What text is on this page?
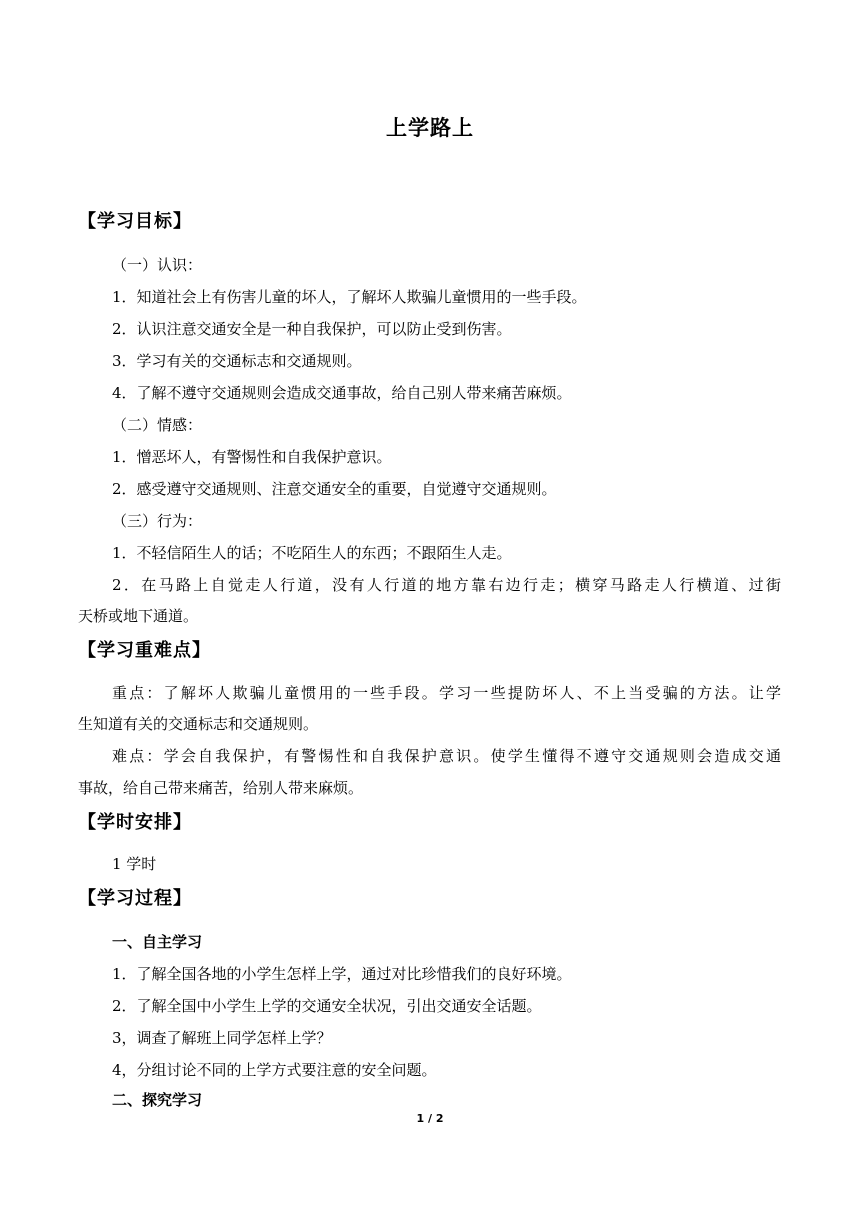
上学路上
【学习目标】
（一）认识：
1．知道社会上有伤害儿童的坏人，了解坏人欺骗儿童惯用的一些手段。
2．认识注意交通安全是一种自我保护，可以防止受到伤害。
3．学习有关的交通标志和交通规则。
4．了解不遵守交通规则会造成交通事故，给自己别人带来痛苦麻烦。
（二）情感：
1．憎恶坏人，有警惕性和自我保护意识。
2．感受遵守交通规则、注意交通安全的重要，自觉遵守交通规则。
（三）行为：
1．不轻信陌生人的话；不吃陌生人的东西；不跟陌生人走。
2．在马路上自觉走人行道，没有人行道的地方靠右边行走；横穿马路走人行横道、过街
天桥或地下通道。
【学习重难点】
重点：了解坏人欺骗儿童惯用的一些手段。学习一些提防坏人、不上当受骗的方法。让学
生知道有关的交通标志和交通规则。
难点：学会自我保护，有警惕性和自我保护意识。使学生懂得不遵守交通规则会造成交通
事故，给自己带来痛苦，给别人带来麻烦。
【学时安排】
1 学时
【学习过程】
一、自主学习
1．了解全国各地的小学生怎样上学，通过对比珍惜我们的良好环境。
2．了解全国中小学生上学的交通安全状况，引出交通安全话题。
3，调查了解班上同学怎样上学？
4，分组讨论不同的上学方式要注意的安全问题。
二、探究学习
1 / 2
